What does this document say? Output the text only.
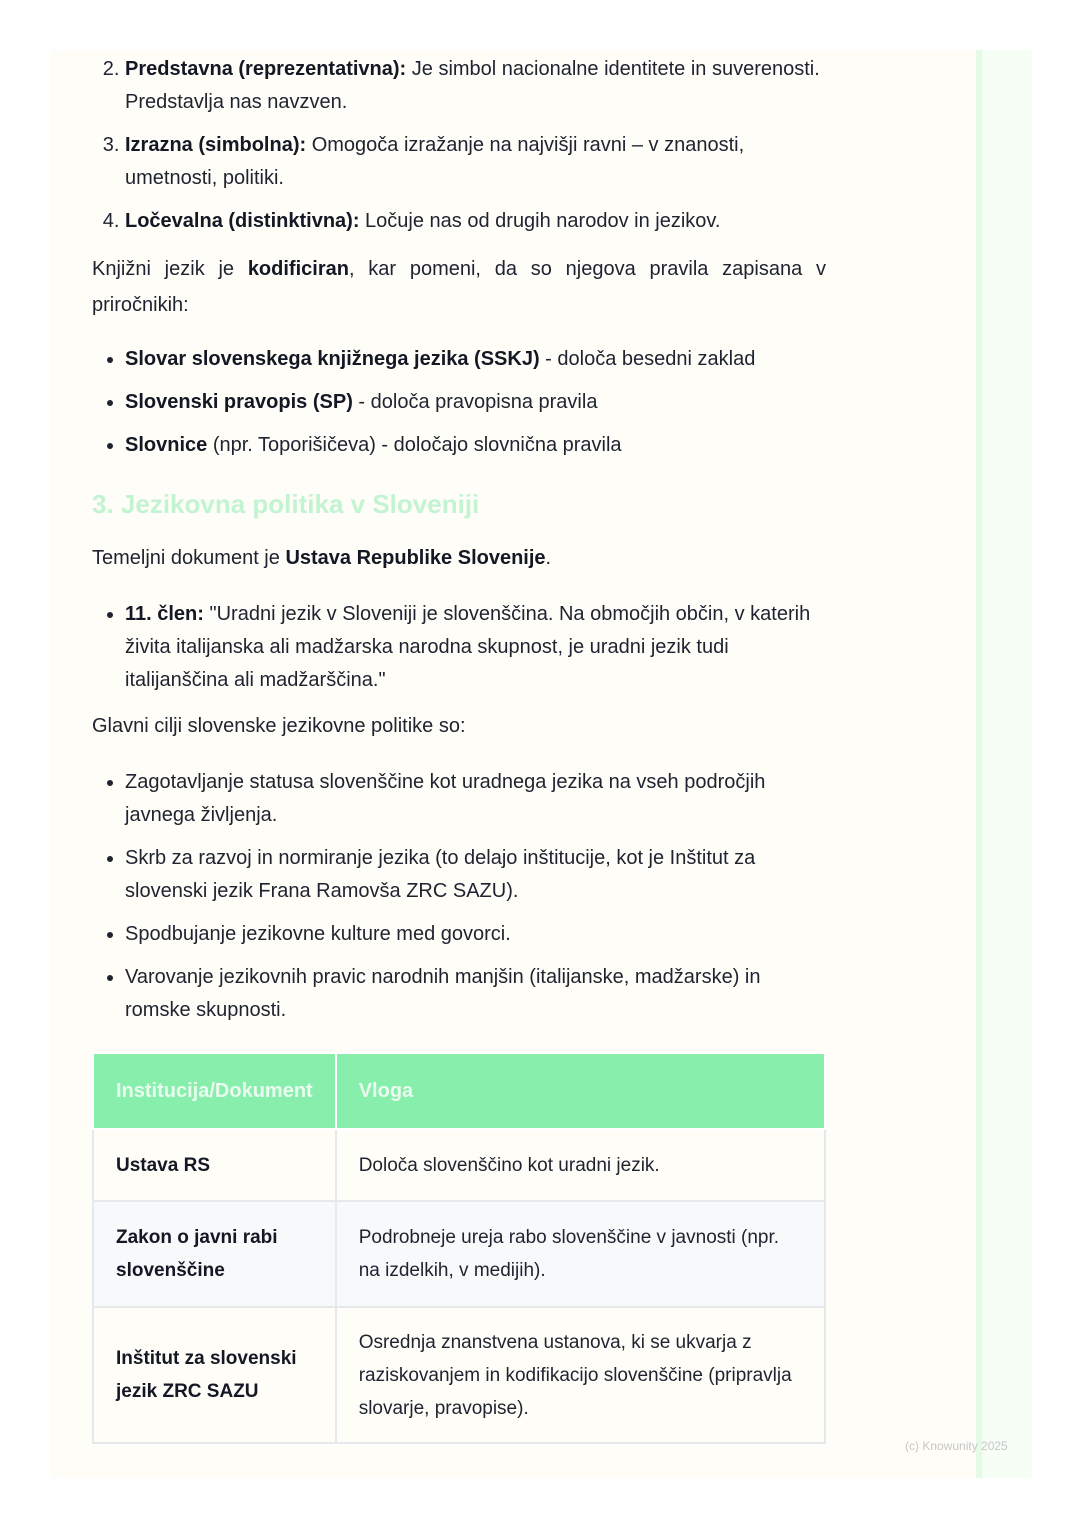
2. Predstavna (reprezentativna): Je simbol nacionalne identitete in suverenosti. Predstavlja nas navzven.
3. Izrazna (simbolna): Omogoča izražanje na najvišji ravni – v znanosti, umetnosti, politiki.
4. Ločevalna (distinktivna): Ločuje nas od drugih narodov in jezikov.

Knjižni jezik je kodificiran, kar pomeni, da so njegova pravila zapisana v priročnikih:

• Slovar slovenskega knjižnega jezika (SSKJ) - določa besedni zaklad
• Slovenski pravopis (SP) - določa pravopisna pravila
• Slovnice (npr. Toporišičeva) - določajo slovnična pravila
3. Jezikovna politika v Sloveniji

Temeljni dokument je Ustava Republike Slovenije.

• 11. člen: "Uradni jezik v Sloveniji je slovenščina. Na območjih občin, v katerih živita italijanska ali madžarska narodna skupnost, je uradni jezik tudi italijanščina ali madžarščina."

Glavni cilji slovenske jezikovne politike so:

• Zagotavljanje statusa slovenščine kot uradnega jezika na vseh področjih javnega življenja.
• Skrb za razvoj in normiranje jezika (to delajo inštitucije, kot je Inštitut za slovenski jezik Frana Ramovša ZRC SAZU).
• Spodbujanje jezikovne kulture med govorci.
• Varovanje jezikovnih pravic narodnih manjšin (italijanske, madžarske) in romske skupnosti.
Institucija/Dokument	Vloga
Ustava RS	Določa slovenščino kot uradni jezik.
Zakon o javni rabi slovenščine	Podrobneje ureja rabo slovenščine v javnosti (npr. na izdelkih, v medijih).
Inštitut za slovenski jezik ZRC SAZU	Osrednja znanstvena ustanova, ki se ukvarja z raziskovanjem in kodifikacijo slovenščine (pripravlja slovarje, pravopise).
(c) Knowunity 2025
